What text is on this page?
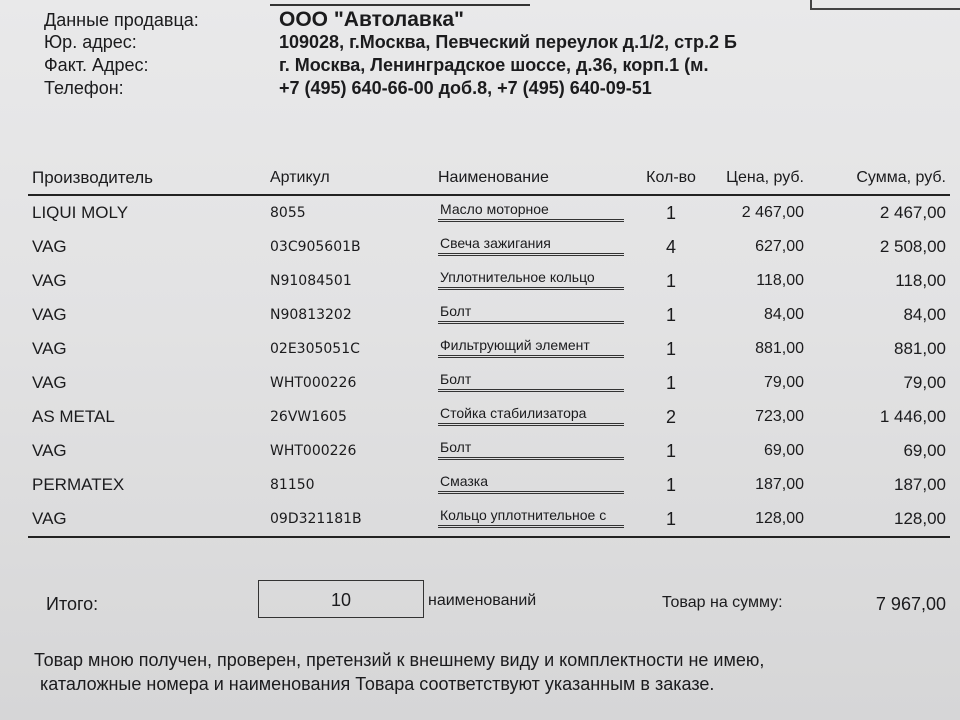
Данные продавца:	ООО "Автолавка"
Юр. адрес:	109028, г.Москва, Певческий переулок д.1/2, стр.2 Б
Факт. Адрес:	г. Москва, Ленинградское шоссе, д.36, корп.1 (м.
Телефон:	+7 (495) 640-66-00 доб.8, +7 (495) 640-09-51
Производитель	Артикул	Наименование	Кол-во	Цена, руб.	Сумма, руб.
LIQUI MOLY	8055	Масло моторное	1	2 467,00	2 467,00
VAG	03C905601B	Свеча зажигания	4	627,00	2 508,00
VAG	N91084501	Уплотнительное кольцо	1	118,00	118,00
VAG	N90813202	Болт	1	84,00	84,00
VAG	02E305051C	Фильтрующий элемент	1	881,00	881,00
VAG	WHT000226	Болт	1	79,00	79,00
AS METAL	26VW1605	Стойка стабилизатора	2	723,00	1 446,00
VAG	WHT000226	Болт	1	69,00	69,00
PERMATEX	81150	Смазка	1	187,00	187,00
VAG	09D321181B	Кольцо уплотнительное с	1	128,00	128,00
Итого:	10	наименований	Товар на сумму:	7 967,00
Товар мною получен, проверен, претензий к внешнему виду и комплектности не имею,
каталожные номера и наименования Товара соответствуют указанным в заказе.
